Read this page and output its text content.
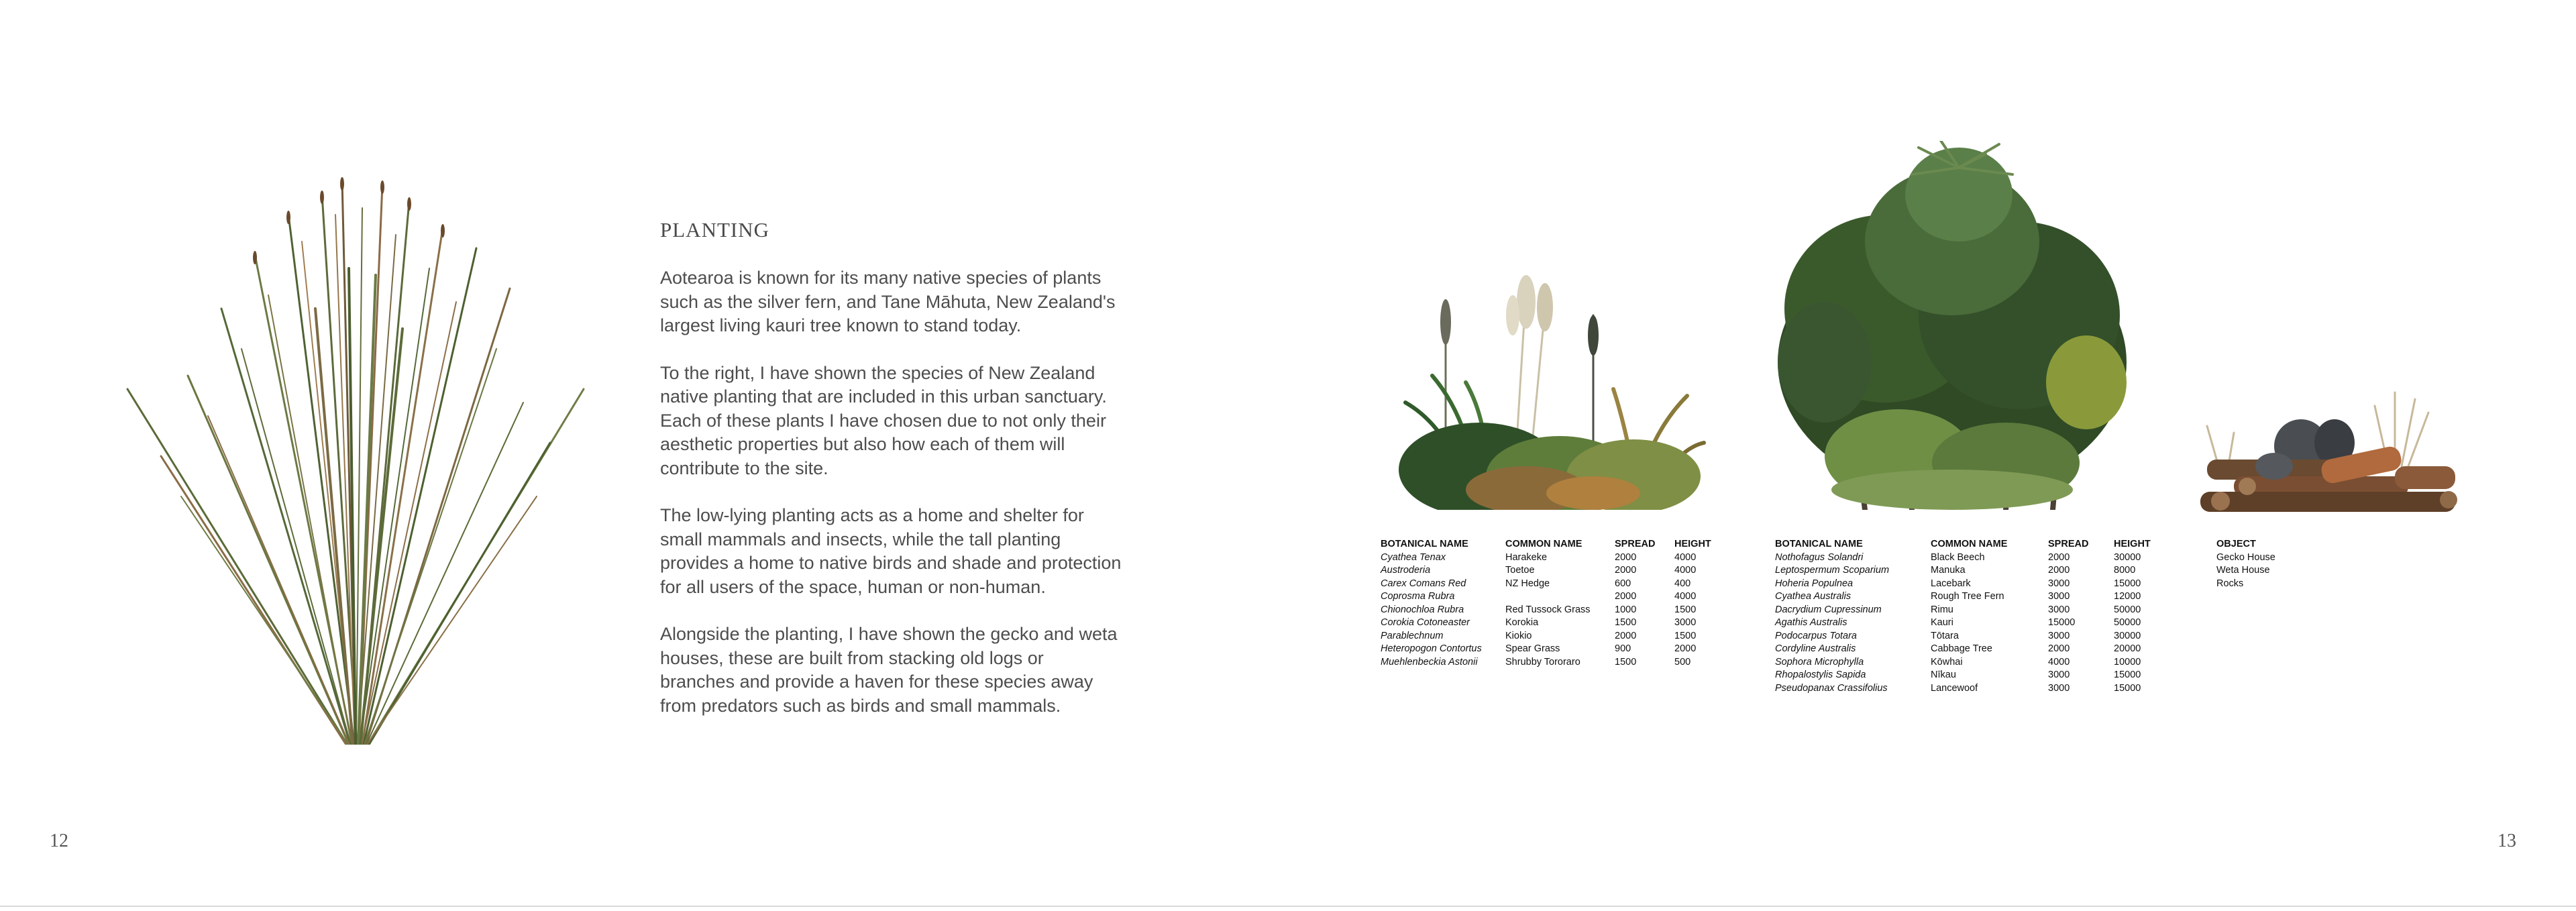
PLANTING

Aotearoa is known for its many native species of plants such as the silver fern, and Tane Māhuta, New Zealand's largest living kauri tree known to stand today.

To the right, I have shown the species of New Zealand native planting that are included in this urban sanctuary. Each of these plants I have chosen due to not only their aesthetic properties but also how each of them will contribute to the site.

The low-lying planting acts as a home and shelter for small mammals and insects, while the tall planting provides a home to native birds and shade and protection for all users of the space, human or non-human.

Alongside the planting, I have shown the gecko and weta houses, these are built from stacking old logs or branches and provide a haven for these species away from predators such as birds and small mammals.

BOTANICAL NAME	COMMON NAME	SPREAD	HEIGHT
Cyathea Tenax	Harakeke	2000	4000
Austroderia	Toetoe	2000	4000
Carex Comans Red	NZ Hedge	600	400
Coprosma Rubra		2000	4000
Chionochloa Rubra	Red Tussock Grass	1000	1500
Corokia Cotoneaster	Korokia	1500	3000
Parablechnum	Kiokio	2000	1500
Heteropogon Contortus	Spear Grass	900	2000
Muehlenbeckia Astonii	Shrubby Tororaro	1500	500
BOTANICAL NAME	COMMON NAME	SPREAD	HEIGHT
Nothofagus Solandri	Black Beech	2000	30000
Leptospermum Scoparium	Manuka	2000	8000
Hoheria Populnea	Lacebark	3000	15000
Cyathea Australis	Rough Tree Fern	3000	12000
Dacrydium Cupressinum	Rimu	3000	50000
Agathis Australis	Kauri	15000	50000
Podocarpus Totara	Tōtara	3000	30000
Cordyline Australis	Cabbage Tree	2000	20000
Sophora Microphylla	Kōwhai	4000	10000
Rhopalostylis Sapida	Nīkau	3000	15000
Pseudopanax Crassifolius	Lancewoof	3000	15000
OBJECT
Gecko House
Weta House
Rocks
12	13
